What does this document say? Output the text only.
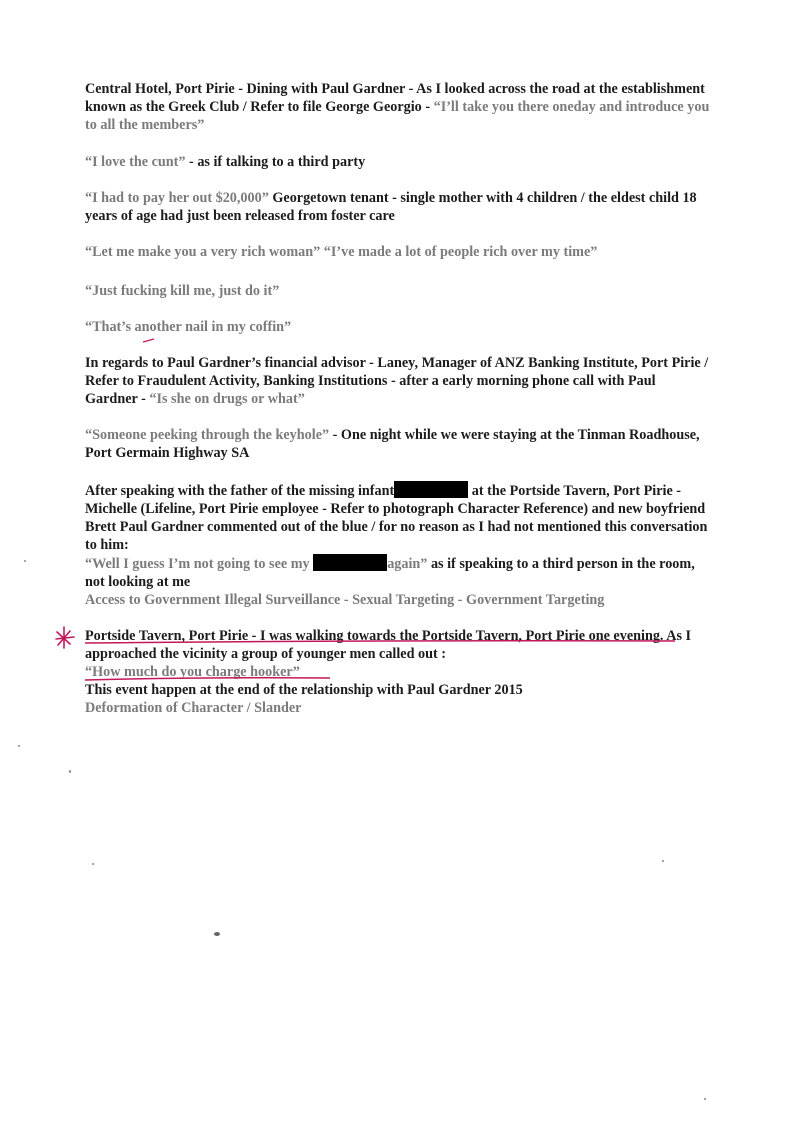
Central Hotel, Port Pirie - Dining with Paul Gardner - As I looked across the road at the establishment known as the Greek Club / Refer to file George Georgio - “I’ll take you there oneday and introduce you to all the members”

“I love the cunt” - as if talking to a third party

“I had to pay her out $20,000” Georgetown tenant - single mother with 4 children / the eldest child 18 years of age had just been released from foster care

“Let me make you a very rich woman” “I’ve made a lot of people rich over my time”

“Just fucking kill me, just do it”

“That’s another nail in my coffin”

In regards to Paul Gardner’s financial advisor - Laney, Manager of ANZ Banking Institute, Port Pirie / Refer to Fraudulent Activity, Banking Institutions - after a early morning phone call with Paul Gardner - “Is she on drugs or what”

“Someone peeking through the keyhole” - One night while we were staying at the Tinman Roadhouse, Port Germain Highway SA

After speaking with the father of the missing infant	at the Portside Tavern, Port Pirie - Michelle (Lifeline, Port Pirie employee - Refer to photograph Character Reference) and new boyfriend Brett Paul Gardner commented out of the blue / for no reason as I had not mentioned this conversation to him:
“Well I guess I’m not going to see my	again” as if speaking to a third person in the room, not looking at me
Access to Government Illegal Surveillance - Sexual Targeting - Government Targeting

Portside Tavern, Port Pirie - I was walking towards the Portside Tavern, Port Pirie one evening. As I approached the vicinity a group of younger men called out :
“How much do you charge hooker”
This event happen at the end of the relationship with Paul Gardner 2015
Deformation of Character / Slander
